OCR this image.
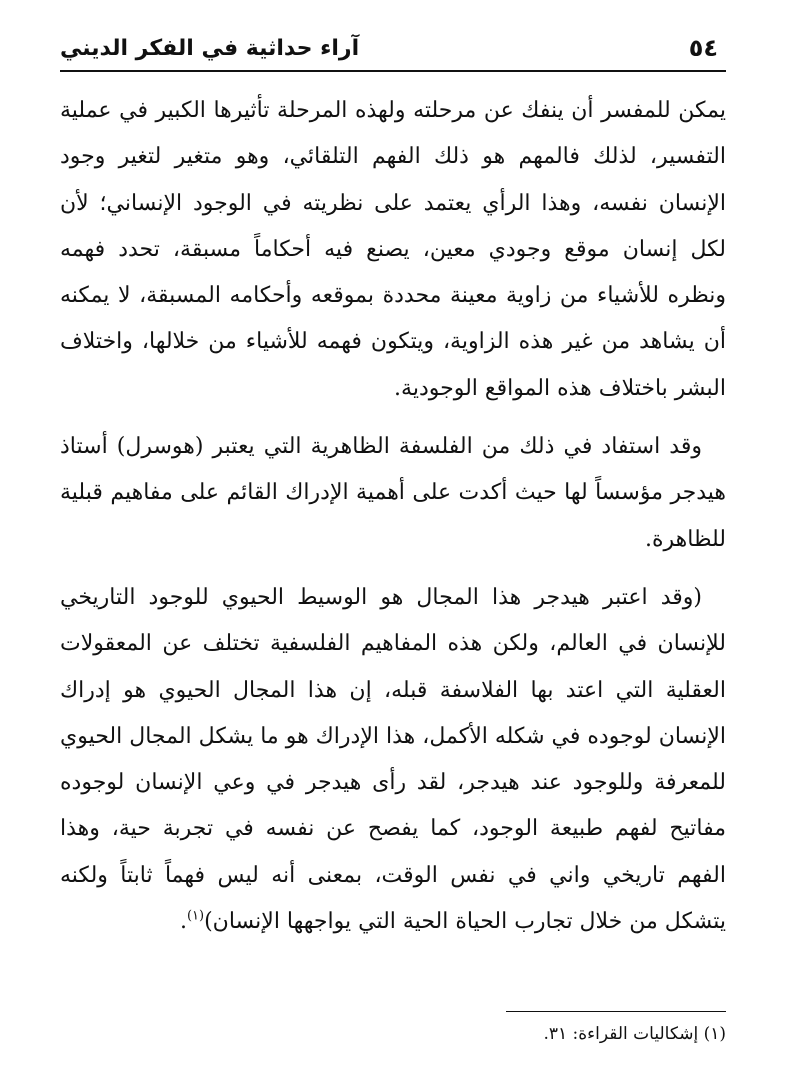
٥٤
آراء حداثية في الفكر الديني

يمكن للمفسر أن ينفك عن مرحلته ولهذه المرحلة تأثيرها الكبير في عملية التفسير، لذلك فالمهم هو ذلك الفهم التلقائي، وهو متغير لتغير وجود الإنسان نفسه، وهذا الرأي يعتمد على نظريته في الوجود الإنساني؛ لأن لكل إنسان موقع وجودي معين، يصنع فيه أحكاماً مسبقة، تحدد فهمه ونظره للأشياء من زاوية معينة محددة بموقعه وأحكامه المسبقة، لا يمكنه أن يشاهد من غير هذه الزاوية، ويتكون فهمه للأشياء من خلالها، واختلاف البشر باختلاف هذه المواقع الوجودية.

وقد استفاد في ذلك من الفلسفة الظاهرية التي يعتبر (هوسرل) أستاذ هيدجر مؤسساً لها حيث أكدت على أهمية الإدراك القائم على مفاهيم قبلية للظاهرة.

(وقد اعتبر هيدجر هذا المجال هو الوسيط الحيوي للوجود التاريخي للإنسان في العالم، ولكن هذه المفاهيم الفلسفية تختلف عن المعقولات العقلية التي اعتد بها الفلاسفة قبله، إن هذا المجال الحيوي هو إدراك الإنسان لوجوده في شكله الأكمل، هذا الإدراك هو ما يشكل المجال الحيوي للمعرفة وللوجود عند هيدجر، لقد رأى هيدجر في وعي الإنسان لوجوده مفاتيح لفهم طبيعة الوجود، كما يفصح عن نفسه في تجربة حية، وهذا الفهم تاريخي واني في نفس الوقت، بمعنى أنه ليس فهماً ثابتاً ولكنه يتشكل من خلال تجارب الحياة الحية التي يواجهها الإنسان)$^{(١)}$.

(١) إشكاليات القراءة: ٣١.
